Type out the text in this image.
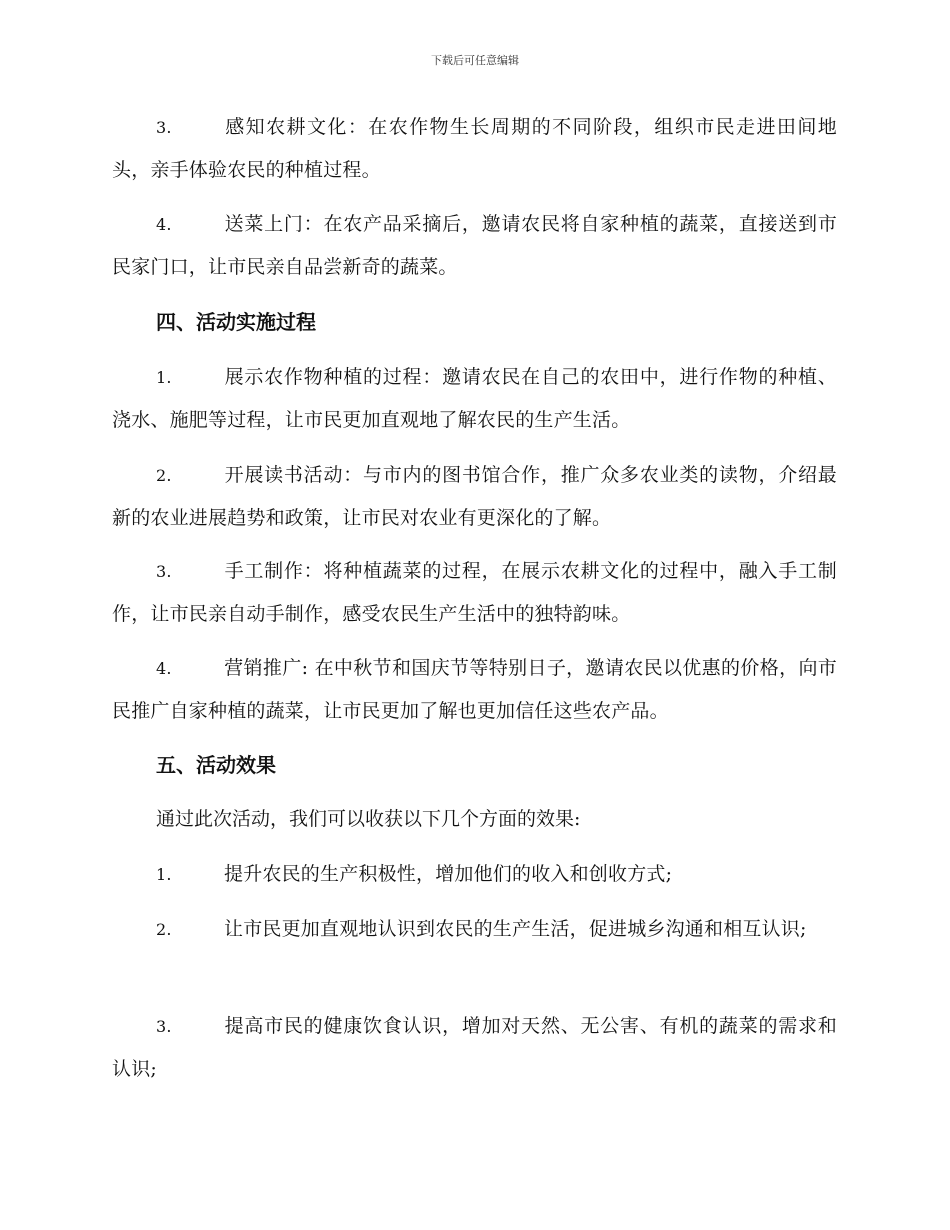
下载后可任意编辑
3.	感知农耕文化：在农作物生长周期的不同阶段，组织市民走进田间地头，亲手体验农民的种植过程。
4.	送菜上门：在农产品采摘后，邀请农民将自家种植的蔬菜，直接送到市民家门口，让市民亲自品尝新奇的蔬菜。
四、活动实施过程
1.	展示农作物种植的过程：邀请农民在自己的农田中，进行作物的种植、浇水、施肥等过程，让市民更加直观地了解农民的生产生活。
2.	开展读书活动：与市内的图书馆合作，推广众多农业类的读物，介绍最新的农业进展趋势和政策，让市民对农业有更深化的了解。
3.	手工制作：将种植蔬菜的过程，在展示农耕文化的过程中，融入手工制作，让市民亲自动手制作，感受农民生产生活中的独特韵味。
4.	营销推广: 在中秋节和国庆节等特别日子，邀请农民以优惠的价格，向市民推广自家种植的蔬菜，让市民更加了解也更加信任这些农产品。
五、活动效果
通过此次活动，我们可以收获以下几个方面的效果:
1.	提升农民的生产积极性，增加他们的收入和创收方式;
2.	让市民更加直观地认识到农民的生产生活，促进城乡沟通和相互认识;
3.	提高市民的健康饮食认识，增加对天然、无公害、有机的蔬菜的需求和认识;
